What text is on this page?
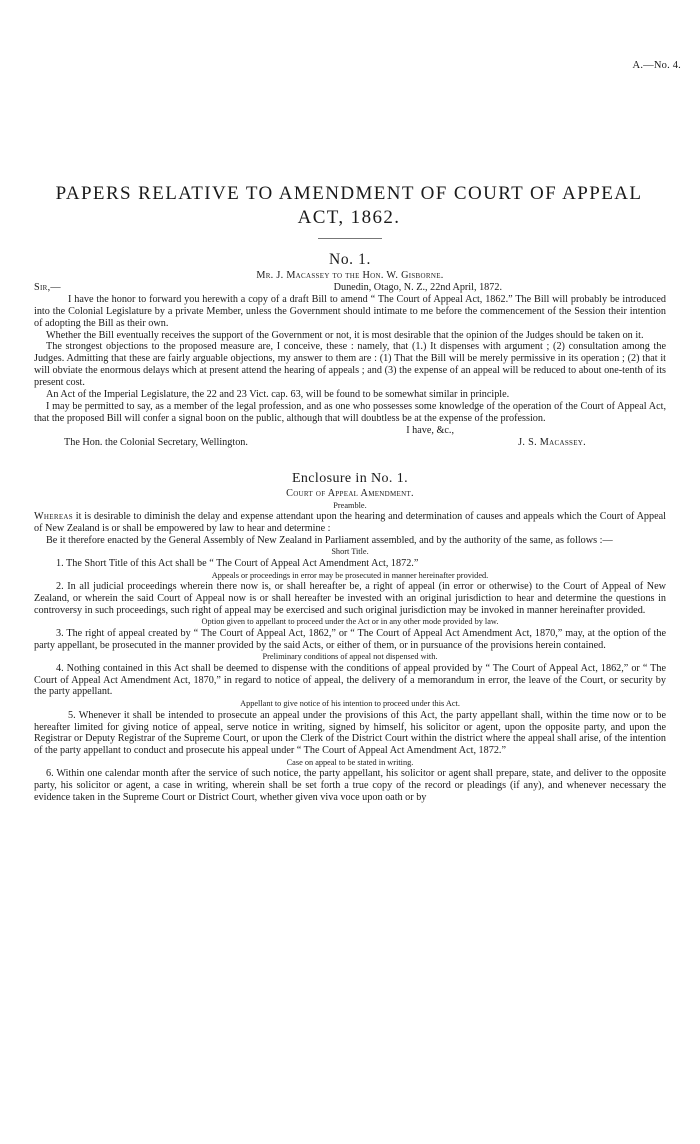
A.—No. 4.
PAPERS RELATIVE TO AMENDMENT OF COURT OF APPEAL
ACT, 1862.

No. 1.

Mr. J. Macassey to the Hon. W. Gisborne.

Sir,—	Dunedin, Otago, N. Z., 22nd April, 1872.

I have the honor to forward you herewith a copy of a draft Bill to amend “ The Court of Appeal Act, 1862.” The Bill will probably be introduced into the Colonial Legislature by a private Member, unless the Government should intimate to me before the commencement of the Session their intention of adopting the Bill as their own.

Whether the Bill eventually receives the support of the Government or not, it is most desirable that the opinion of the Judges should be taken on it.

The strongest objections to the proposed measure are, I conceive, these : namely, that (1.) It dispenses with argument ; (2) consultation among the Judges. Admitting that these are fairly arguable objections, my answer to them are : (1) That the Bill will be merely permissive in its operation ; (2) that it will obviate the enormous delays which at present attend the hearing of appeals ; and (3) the expense of an appeal will be reduced to about one-tenth of its present cost.

An Act of the Imperial Legislature, the 22 and 23 Vict. cap. 63, will be found to be somewhat similar in principle.

I may be permitted to say, as a member of the legal profession, and as one who possesses some knowledge of the operation of the Court of Appeal Act, that the proposed Bill will confer a signal boon on the public, although that will doubtless be at the expense of the profession.

I have, &c.,

The Hon. the Colonial Secretary, Wellington.	J. S. Macassey.

Enclosure in No. 1.

Court of Appeal Amendment.

Preamble.

Whereas it is desirable to diminish the delay and expense attendant upon the hearing and determination of causes and appeals which the Court of Appeal of New Zealand is or shall be empowered by law to hear and determine :

Be it therefore enacted by the General Assembly of New Zealand in Parliament assembled, and by the authority of the same, as follows :—

Short Title.

1. The Short Title of this Act shall be “ The Court of Appeal Act Amendment Act, 1872.”

Appeals or proceedings in error may be prosecuted in manner hereinafter provided.

2. In all judicial proceedings wherein there now is, or shall hereafter be, a right of appeal (in error or otherwise) to the Court of Appeal of New Zealand, or wherein the said Court of Appeal now is or shall hereafter be invested with an original jurisdiction to hear and determine the questions in controversy in such proceedings, such right of appeal may be exercised and such original jurisdiction may be invoked in manner hereinafter provided.

Option given to appellant to proceed under the Act or in any other mode provided by law.

3. The right of appeal created by “ The Court of Appeal Act, 1862,” or “ The Court of Appeal Act Amendment Act, 1870,” may, at the option of the party appellant, be prosecuted in the manner provided by the said Acts, or either of them, or in pursuance of the provisions herein contained.

Preliminary conditions of appeal not dispensed with.

4. Nothing contained in this Act shall be deemed to dispense with the conditions of appeal provided by “ The Court of Appeal Act, 1862,” or “ The Court of Appeal Act Amendment Act, 1870,” in regard to notice of appeal, the delivery of a memorandum in error, the leave of the Court, or security by the party appellant.

Appellant to give notice of his intention to proceed under this Act.

5. Whenever it shall be intended to prosecute an appeal under the provisions of this Act, the party appellant shall, within the time now or to be hereafter limited for giving notice of appeal, serve notice in writing, signed by himself, his solicitor or agent, upon the opposite party, and upon the Registrar or Deputy Registrar of the Supreme Court, or upon the Clerk of the District Court within the district where the appeal shall arise, of the intention of the party appellant to conduct and prosecute his appeal under “ The Court of Appeal Act Amendment Act, 1872.”

Case on appeal to be stated in writing.

6. Within one calendar month after the service of such notice, the party appellant, his solicitor or agent shall prepare, state, and deliver to the opposite party, his solicitor or agent, a case in writing, wherein shall be set forth a true copy of the record or pleadings (if any), and whenever necessary the evidence taken in the Supreme Court or District Court, whether given viva voce upon oath or by
